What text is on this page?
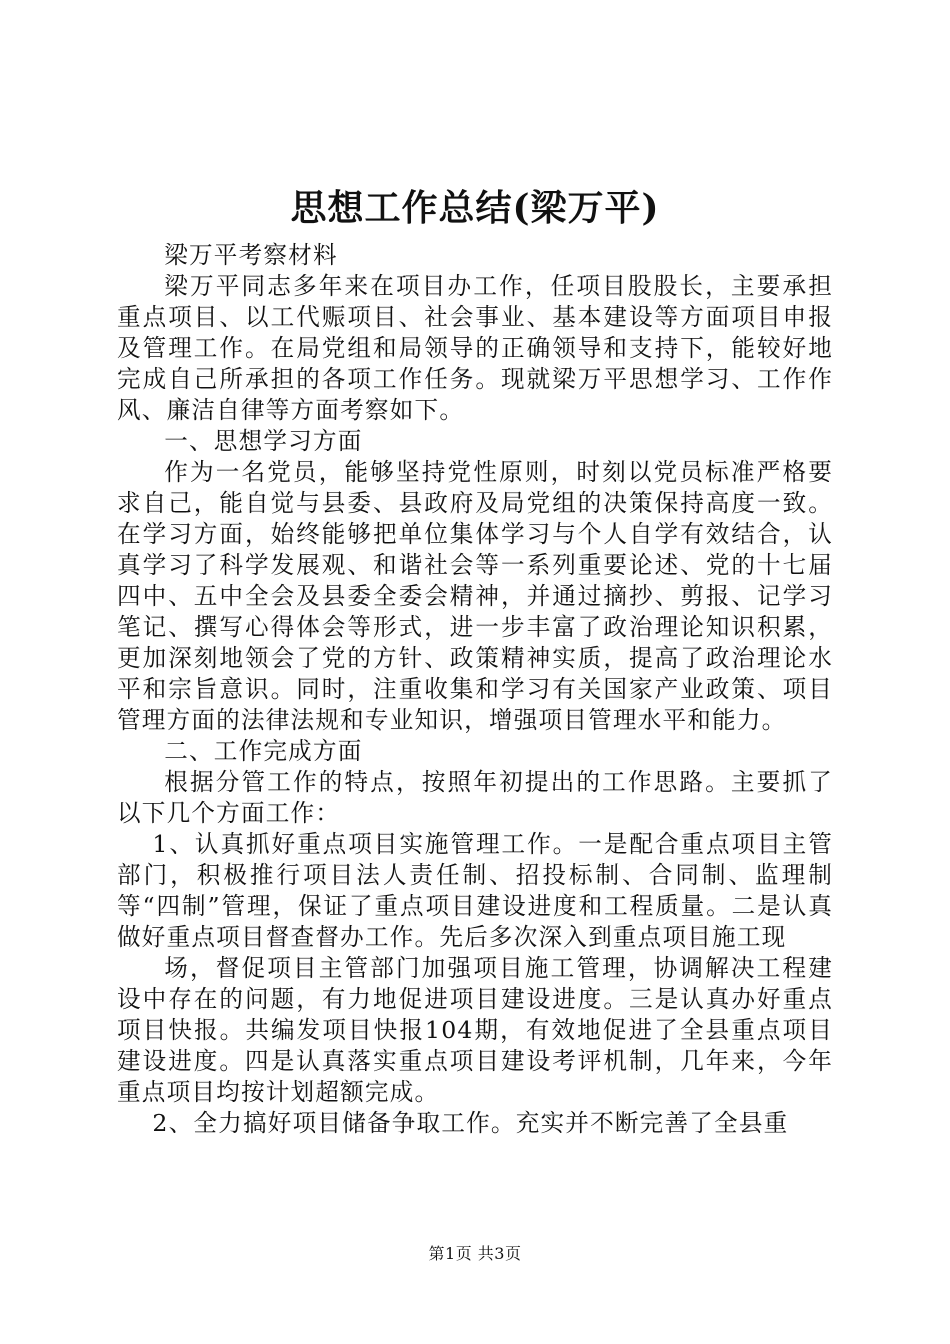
思想工作总结(梁万平)

梁万平考察材料

梁万平同志多年来在项目办工作，任项目股股长，主要承担重点项目、以工代赈项目、社会事业、基本建设等方面项目申报及管理工作。在局党组和局领导的正确领导和支持下，能较好地完成自己所承担的各项工作任务。现就梁万平思想学习、工作作风、廉洁自律等方面考察如下。

一、思想学习方面

作为一名党员，能够坚持党性原则，时刻以党员标准严格要求自己，能自觉与县委、县政府及局党组的决策保持高度一致。在学习方面，始终能够把单位集体学习与个人自学有效结合，认真学习了科学发展观、和谐社会等一系列重要论述、党的十七届四中、五中全会及县委全委会精神，并通过摘抄、剪报、记学习笔记、撰写心得体会等形式，进一步丰富了政治理论知识积累，更加深刻地领会了党的方针、政策精神实质，提高了政治理论水平和宗旨意识。同时，注重收集和学习有关国家产业政策、项目管理方面的法律法规和专业知识，增强项目管理水平和能力。

二、工作完成方面

根据分管工作的特点，按照年初提出的工作思路。主要抓了以下几个方面工作：

1、认真抓好重点项目实施管理工作。一是配合重点项目主管部门，积极推行项目法人责任制、招投标制、合同制、监理制等“四制”管理，保证了重点项目建设进度和工程质量。二是认真做好重点项目督查督办工作。先后多次深入到重点项目施工现

场，督促项目主管部门加强项目施工管理，协调解决工程建设中存在的问题，有力地促进项目建设进度。三是认真办好重点项目快报。共编发项目快报104期，有效地促进了全县重点项目建设进度。四是认真落实重点项目建设考评机制，几年来，今年重点项目均按计划超额完成。

2、全力搞好项目储备争取工作。充实并不断完善了全县重

第1页 共3页
